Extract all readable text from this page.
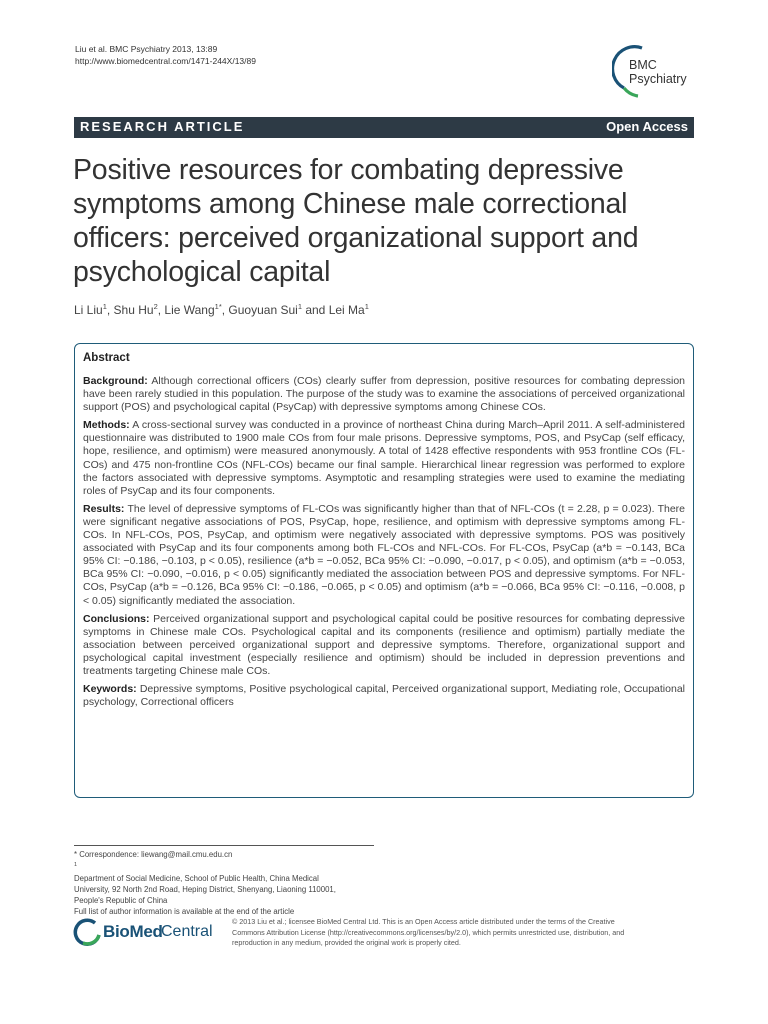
Liu et al. BMC Psychiatry 2013, 13:89
http://www.biomedcentral.com/1471-244X/13/89	BMC
Psychiatry
RESEARCH ARTICLE	Open Access
Positive resources for combating depressive
symptoms among Chinese male correctional
officers: perceived organizational support and
psychological capital
Li Liu$^1$, Shu Hu$^2$, Lie Wang$^{1*}$, Guoyuan Sui$^1$ and Lei Ma$^1$
Abstract

Background: Although correctional officers (COs) clearly suffer from depression, positive resources for combating depression have been rarely studied in this population. The purpose of the study was to examine the associations of perceived organizational support (POS) and psychological capital (PsyCap) with depressive symptoms among Chinese COs.

Methods: A cross-sectional survey was conducted in a province of northeast China during March–April 2011. A self-administered questionnaire was distributed to 1900 male COs from four male prisons. Depressive symptoms, POS, and PsyCap (self efficacy, hope, resilience, and optimism) were measured anonymously. A total of 1428 effective respondents with 953 frontline COs (FL-COs) and 475 non-frontline COs (NFL-COs) became our final sample. Hierarchical linear regression was performed to explore the factors associated with depressive symptoms. Asymptotic and resampling strategies were used to examine the mediating roles of PsyCap and its four components.

Results: The level of depressive symptoms of FL-COs was significantly higher than that of NFL-COs (t = 2.28, p = 0.023). There were significant negative associations of POS, PsyCap, hope, resilience, and optimism with depressive symptoms among FL-COs. In NFL-COs, POS, PsyCap, and optimism were negatively associated with depressive symptoms. POS was positively associated with PsyCap and its four components among both FL-COs and NFL-COs. For FL-COs, PsyCap (a*b = −0.143, BCa 95% CI: −0.186, −0.103, p < 0.05), resilience (a*b = −0.052, BCa 95% CI: −0.090, −0.017, p < 0.05), and optimism (a*b = −0.053, BCa 95% CI: −0.090, −0.016, p < 0.05) significantly mediated the association between POS and depressive symptoms. For NFL-COs, PsyCap (a*b = −0.126, BCa 95% CI: −0.186, −0.065, p < 0.05) and optimism (a*b = −0.066, BCa 95% CI: −0.116, −0.008, p < 0.05) significantly mediated the association.

Conclusions: Perceived organizational support and psychological capital could be positive resources for combating depressive symptoms in Chinese male COs. Psychological capital and its components (resilience and optimism) partially mediate the association between perceived organizational support and depressive symptoms. Therefore, organizational support and psychological capital investment (especially resilience and optimism) should be included in depression preventions and treatments targeting Chinese male COs.

Keywords: Depressive symptoms, Positive psychological capital, Perceived organizational support, Mediating role, Occupational psychology, Correctional officers

* Correspondence: liewang@mail.cmu.edu.cn
$^1$
Department of Social Medicine, School of Public Health, China Medical
University, 92 North 2nd Road, Heping District, Shenyang, Liaoning 110001,
People's Republic of China
Full list of author information is available at the end of the article
BioMed
Central
© 2013 Liu et al.; licensee BioMed Central Ltd. This is an Open Access article distributed under the terms of the Creative
Commons Attribution License (http://creativecommons.org/licenses/by/2.0), which permits unrestricted use, distribution, and
reproduction in any medium, provided the original work is properly cited.
